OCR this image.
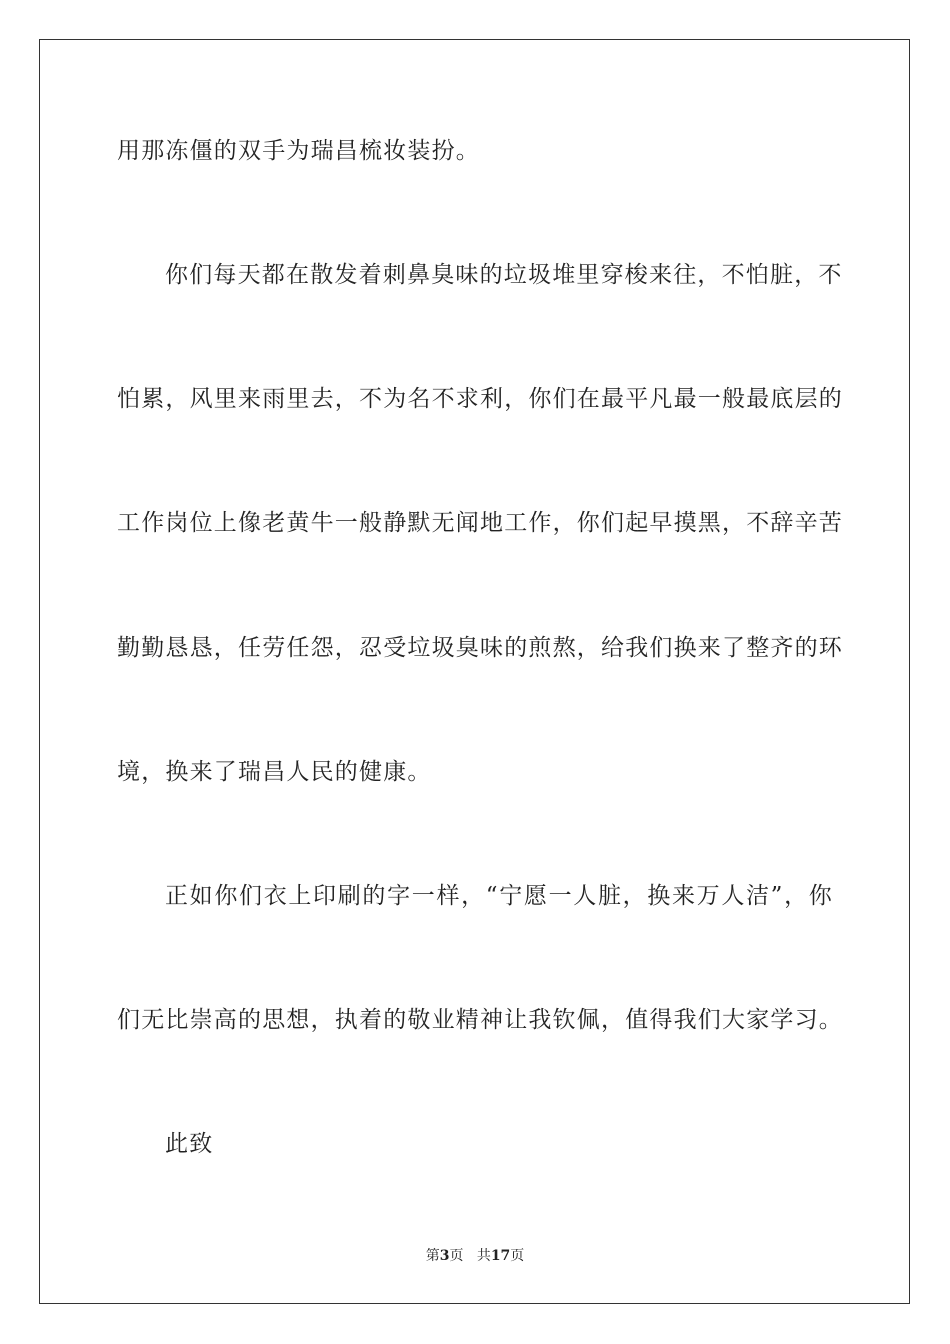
用那冻僵的双手为瑞昌梳妆装扮。
你们每天都在散发着刺鼻臭味的垃圾堆里穿梭来往，不怕脏，不
怕累，风里来雨里去，不为名不求利，你们在最平凡最一般最底层的
工作岗位上像老黄牛一般静默无闻地工作，你们起早摸黑，不辞辛苦
勤勤恳恳，任劳任怨，忍受垃圾臭味的煎熬，给我们换来了整齐的环
境，换来了瑞昌人民的健康。
正如你们衣上印刷的字一样，“宁愿一人脏，换来万人洁”，你
们无比崇高的思想，执着的敬业精神让我钦佩，值得我们大家学习。
此致
第3页 共17页
